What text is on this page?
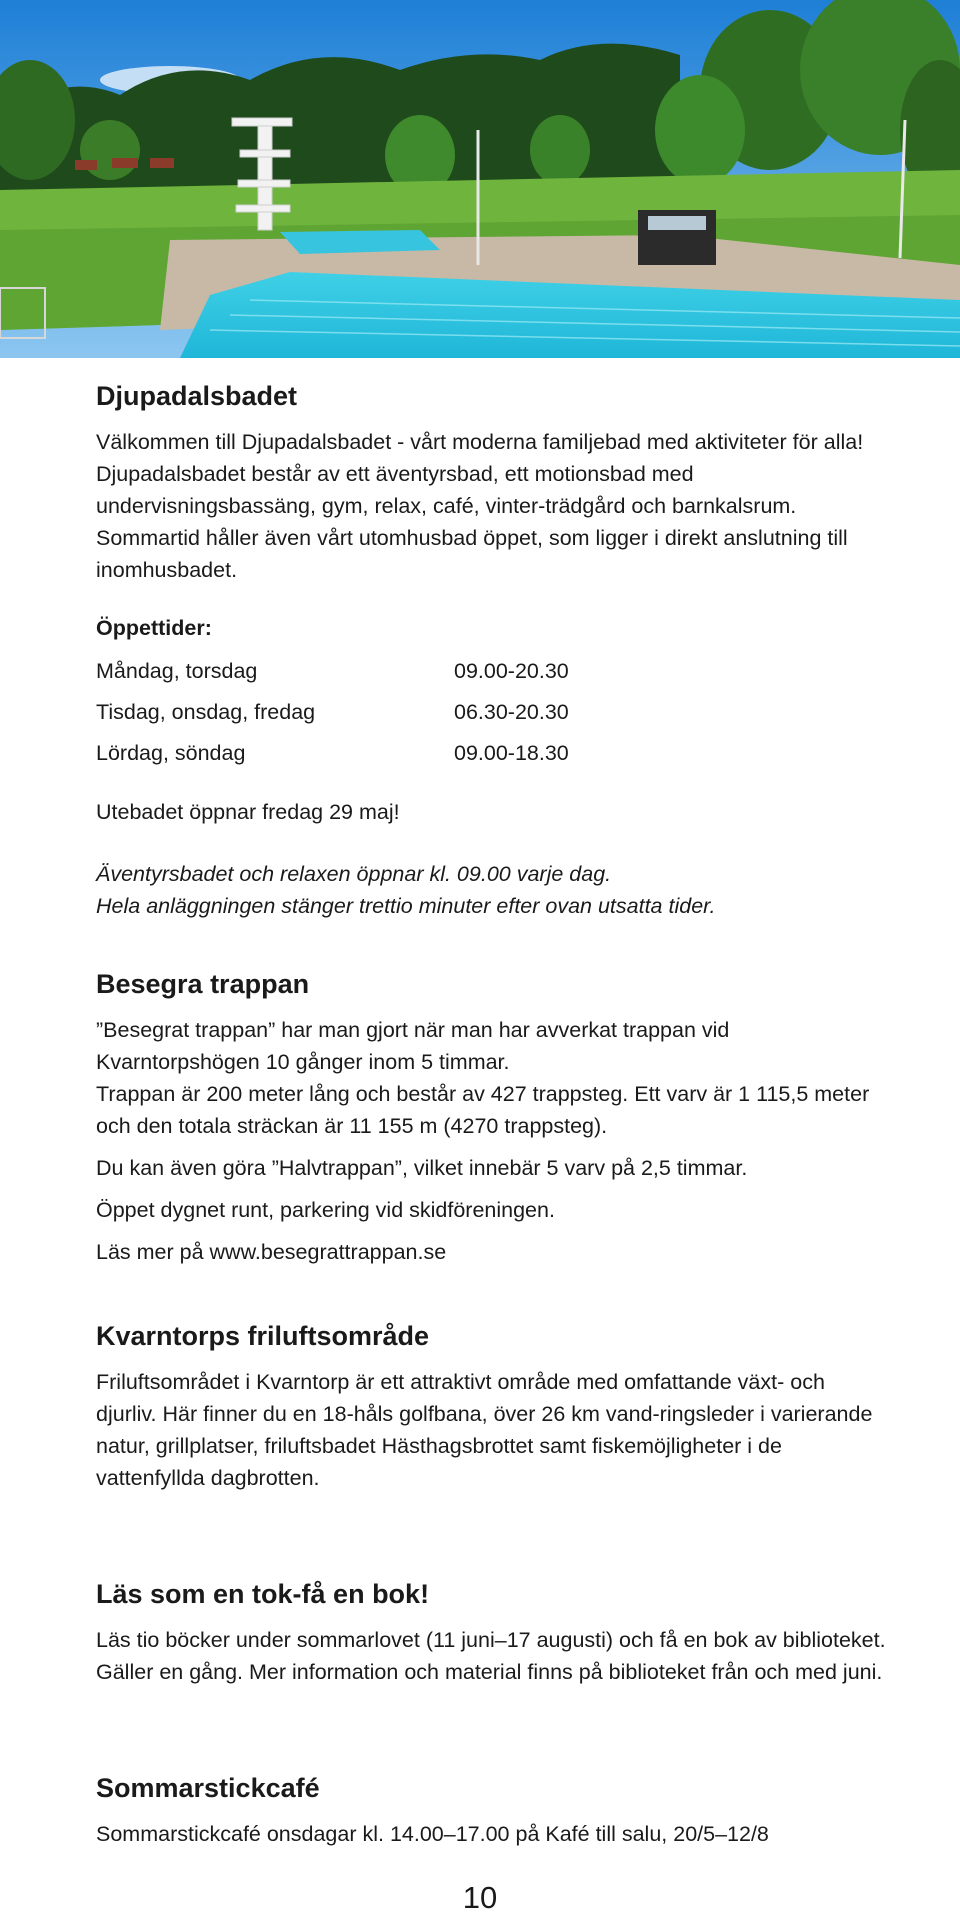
Djupadalsbadet

Välkommen till Djupadalsbadet - vårt moderna familjebad med aktiviteter för alla! Djupadalsbadet består av ett äventyrsbad, ett motionsbad med undervisningsbassäng, gym, relax, café, vinter-trädgård och barnkalsrum. Sommartid håller även vårt utomhusbad öppet, som ligger i direkt anslutning till inomhusbadet.

Öppettider:
Måndag, torsdag	09.00-20.30
Tisdag, onsdag, fredag	06.30-20.30
Lördag, söndag	09.00-18.30

Utebadet öppnar fredag 29 maj!

Äventyrsbadet och relaxen öppnar kl. 09.00 varje dag.

Hela anläggningen stänger trettio minuter efter ovan utsatta tider.

Besegra trappan

”Besegrat trappan” har man gjort när man har avverkat trappan vid Kvarntorpshögen 10 gånger inom 5 timmar.

Trappan är 200 meter lång och består av 427 trappsteg. Ett varv är 1 115,5 meter och den totala sträckan är 11 155 m (4270 trappsteg).

Du kan även göra ”Halvtrappan”, vilket innebär 5 varv på 2,5 timmar.

Öppet dygnet runt, parkering vid skidföreningen.

Läs mer på www.besegrattrappan.se

Kvarntorps friluftsområde

Friluftsområdet i Kvarntorp är ett attraktivt område med omfattande växt- och djurliv. Här finner du en 18-håls golfbana, över 26 km vand-ringsleder i varierande natur, grillplatser, friluftsbadet Hästhagsbrottet samt fiskemöjligheter i de vattenfyllda dagbrotten.

Läs som en tok-få en bok!

Läs tio böcker under sommarlovet (11 juni–17 augusti) och få en bok av biblioteket. Gäller en gång. Mer information och material finns på biblioteket från och med juni.

Sommarstickcafé

Sommarstickcafé onsdagar kl. 14.00–17.00 på Kafé till salu, 20/5–12/8

10
